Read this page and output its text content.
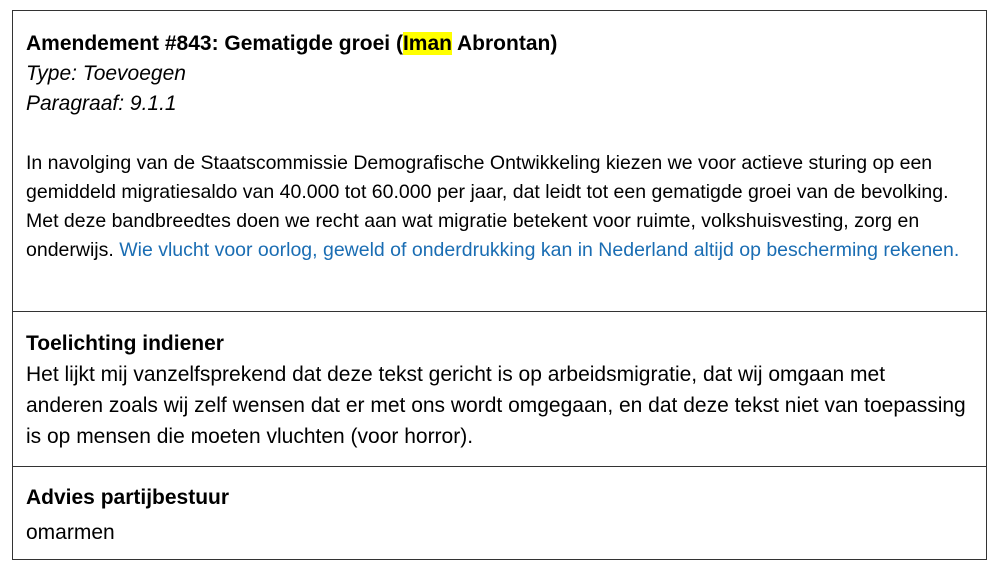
Amendement #843: Gematigde groei (Iman Abrontan)
Type: Toevoegen
Paragraaf: 9.1.1
In navolging van de Staatscommissie Demografische Ontwikkeling kiezen we voor actieve sturing op een gemiddeld migratiesaldo van 40.000 tot 60.000 per jaar, dat leidt tot een gematigde groei van de bevolking. Met deze bandbreedtes doen we recht aan wat migratie betekent voor ruimte, volkshuisvesting, zorg en onderwijs. Wie vlucht voor oorlog, geweld of onderdrukking kan in Nederland altijd op bescherming rekenen.
Toelichting indiener
Het lijkt mij vanzelfsprekend dat deze tekst gericht is op arbeidsmigratie, dat wij omgaan met anderen zoals wij zelf wensen dat er met ons wordt omgegaan, en dat deze tekst niet van toepassing is op mensen die moeten vluchten (voor horror).
Advies partijbestuur
omarmen
